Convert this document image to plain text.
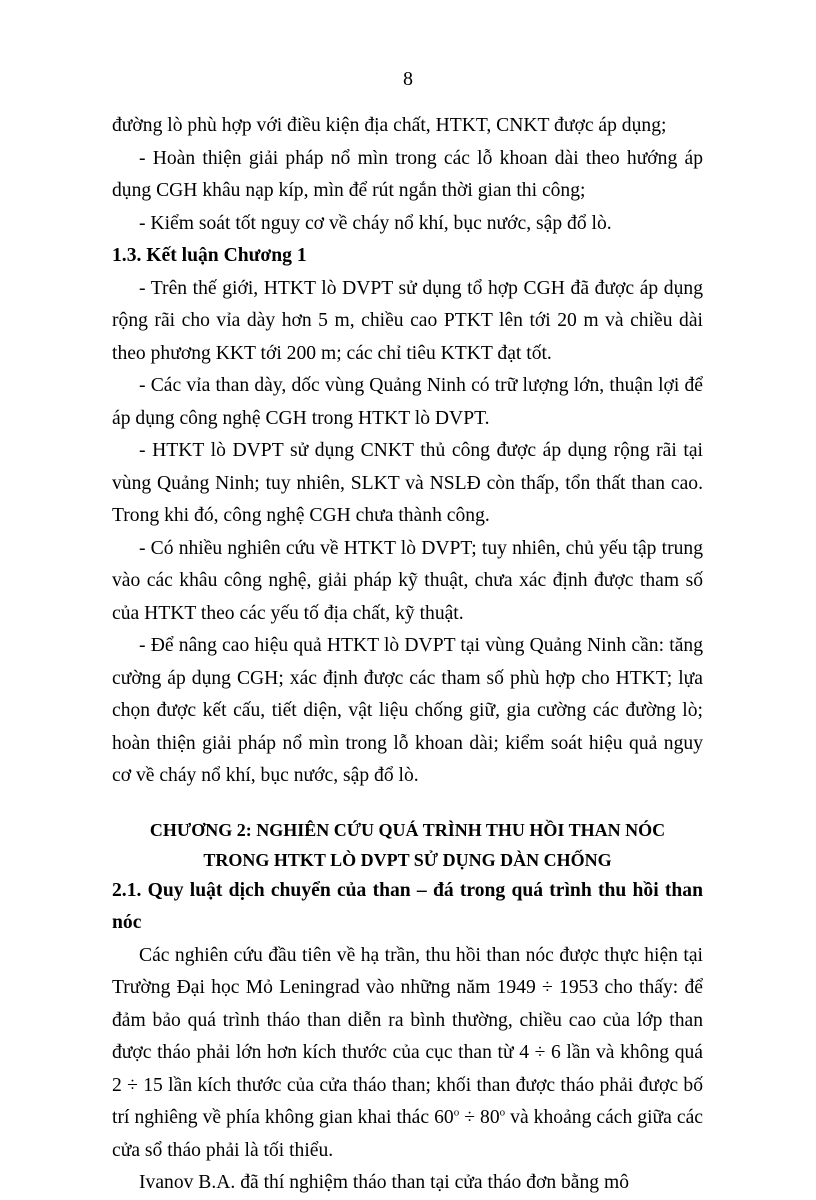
8

đường lò phù hợp với điều kiện địa chất, HTKT, CNKT được áp dụng;

- Hoàn thiện giải pháp nổ mìn trong các lỗ khoan dài theo hướng áp dụng CGH khâu nạp kíp, mìn để rút ngắn thời gian thi công;

- Kiểm soát tốt nguy cơ về cháy nổ khí, bục nước, sập đổ lò.

1.3. Kết luận Chương 1

- Trên thế giới, HTKT lò DVPT sử dụng tổ hợp CGH đã được áp dụng rộng rãi cho vỉa dày hơn 5 m, chiều cao PTKT lên tới 20 m và chiều dài theo phương KKT tới 200 m; các chỉ tiêu KTKT đạt tốt.

- Các vỉa than dày, dốc vùng Quảng Ninh có trữ lượng lớn, thuận lợi để áp dụng công nghệ CGH trong HTKT lò DVPT.

- HTKT lò DVPT sử dụng CNKT thủ công được áp dụng rộng rãi tại vùng Quảng Ninh; tuy nhiên, SLKT và NSLĐ còn thấp, tổn thất than cao. Trong khi đó, công nghệ CGH chưa thành công.

- Có nhiều nghiên cứu về HTKT lò DVPT; tuy nhiên, chủ yếu tập trung vào các khâu công nghệ, giải pháp kỹ thuật, chưa xác định được tham số của HTKT theo các yếu tố địa chất, kỹ thuật.

- Để nâng cao hiệu quả HTKT lò DVPT tại vùng Quảng Ninh cần: tăng cường áp dụng CGH; xác định được các tham số phù hợp cho HTKT; lựa chọn được kết cấu, tiết diện, vật liệu chống giữ, gia cường các đường lò; hoàn thiện giải pháp nổ mìn trong lỗ khoan dài; kiểm soát hiệu quả nguy cơ về cháy nổ khí, bục nước, sập đổ lò.

CHƯƠNG 2: NGHIÊN CỨU QUÁ TRÌNH THU HỒI THAN NÓC
TRONG HTKT LÒ DVPT SỬ DỤNG DÀN CHỐNG
2.1. Quy luật dịch chuyển của than – đá trong quá trình thu hồi than nóc

Các nghiên cứu đầu tiên về hạ trần, thu hồi than nóc được thực hiện tại Trường Đại học Mỏ Leningrad vào những năm 1949 ÷ 1953 cho thấy: để đảm bảo quá trình tháo than diễn ra bình thường, chiều cao của lớp than được tháo phải lớn hơn kích thước của cục than từ 4 ÷ 6 lần và không quá 2 ÷ 15 lần kích thước của cửa tháo than; khối than được tháo phải được bố trí nghiêng về phía không gian khai thác $60^o \div 80^o$ và khoảng cách giữa các cửa sổ tháo phải là tối thiểu.

Ivanov B.A. đã thí nghiệm tháo than tại cửa tháo đơn bằng mô
